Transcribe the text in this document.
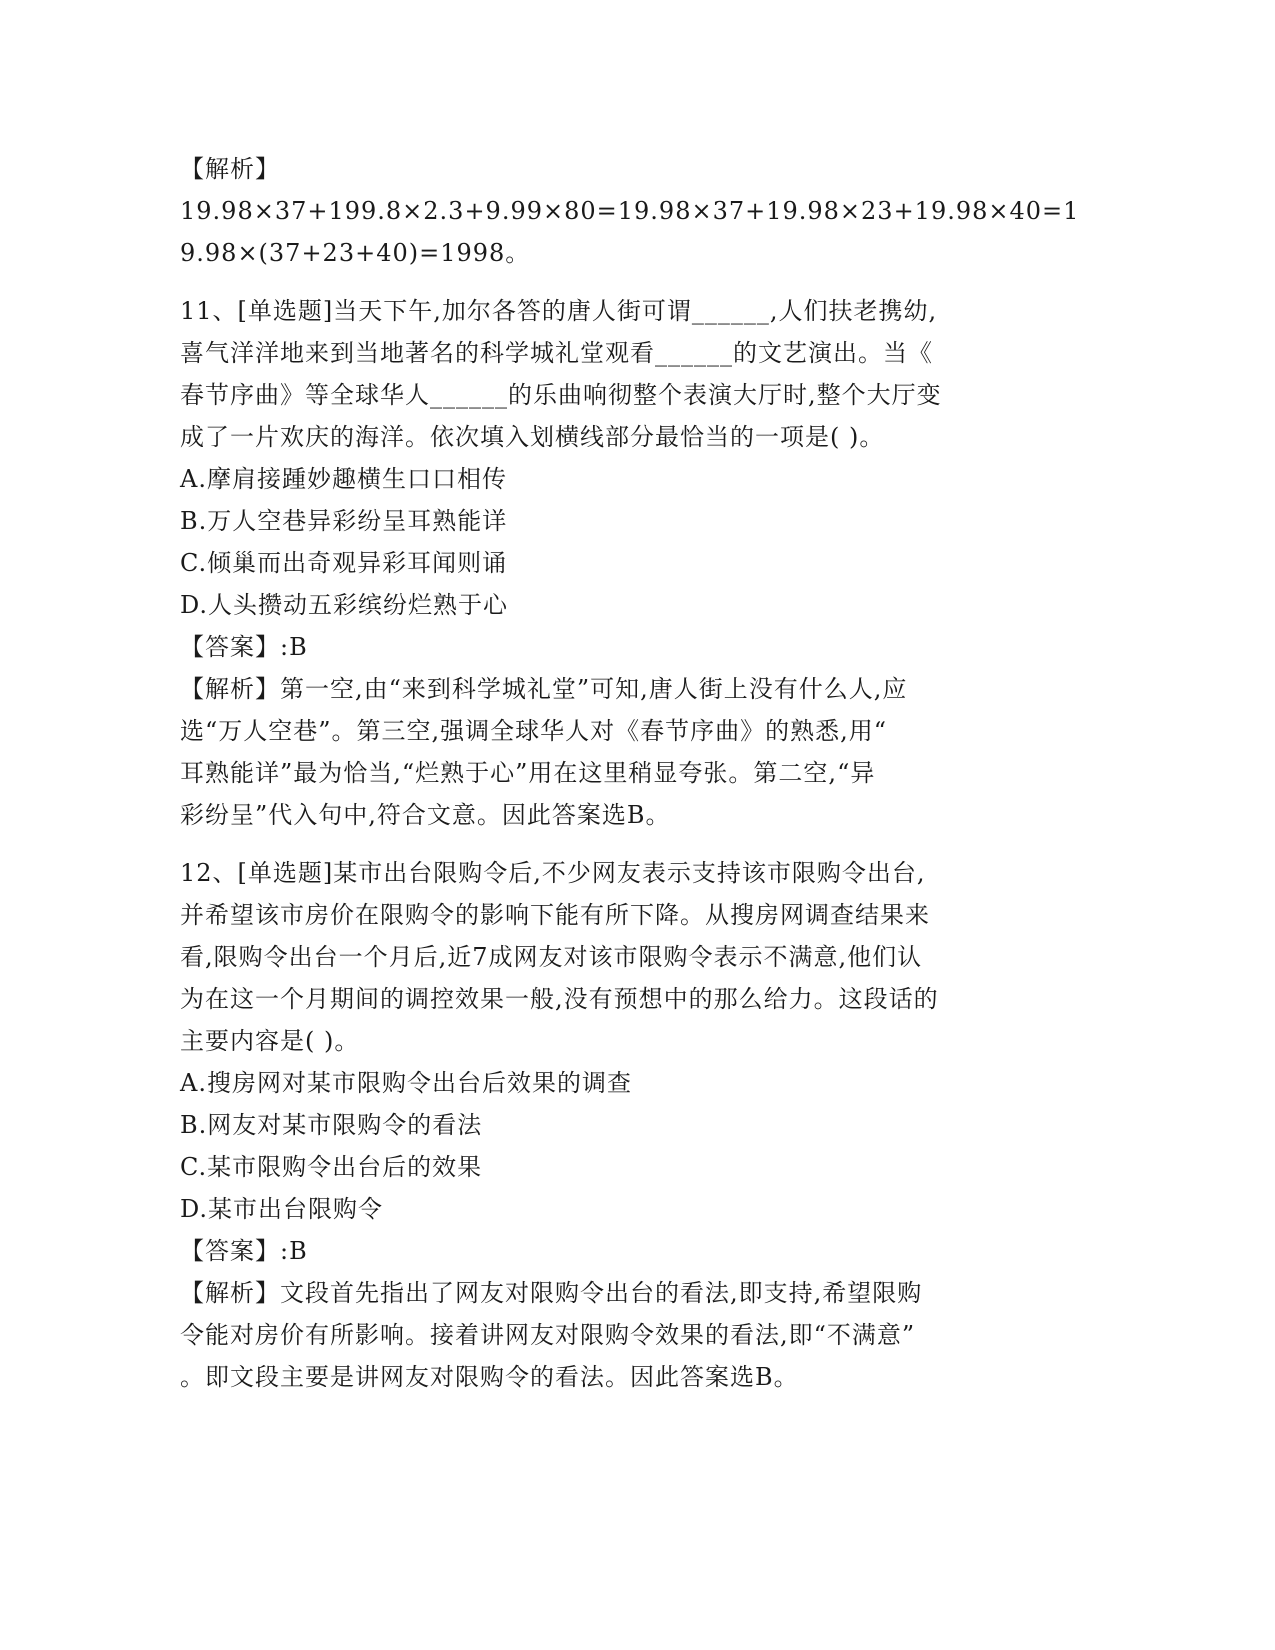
【解析】
19.98×37+199.8×2.3+9.99×80=19.98×37+19.98×23+19.98×40=1
9.98×(37+23+40)=1998。
11、[单选题]当天下午,加尔各答的唐人街可谓______,人们扶老携幼,
喜气洋洋地来到当地著名的科学城礼堂观看______的文艺演出。当《
春节序曲》等全球华人______的乐曲响彻整个表演大厅时,整个大厅变
成了一片欢庆的海洋。依次填入划横线部分最恰当的一项是( )。
A.摩肩接踵妙趣横生口口相传
B.万人空巷异彩纷呈耳熟能详
C.倾巢而出奇观异彩耳闻则诵
D.人头攒动五彩缤纷烂熟于心
【答案】:B
【解析】第一空,由“来到科学城礼堂”可知,唐人街上没有什么人,应
选“万人空巷”。第三空,强调全球华人对《春节序曲》的熟悉,用“
耳熟能详”最为恰当,“烂熟于心”用在这里稍显夸张。第二空,“异
彩纷呈”代入句中,符合文意。因此答案选B。
12、[单选题]某市出台限购令后,不少网友表示支持该市限购令出台,
并希望该市房价在限购令的影响下能有所下降。从搜房网调查结果来
看,限购令出台一个月后,近7成网友对该市限购令表示不满意,他们认
为在这一个月期间的调控效果一般,没有预想中的那么给力。这段话的
主要内容是( )。
A.搜房网对某市限购令出台后效果的调查
B.网友对某市限购令的看法
C.某市限购令出台后的效果
D.某市出台限购令
【答案】:B
【解析】文段首先指出了网友对限购令出台的看法,即支持,希望限购
令能对房价有所影响。接着讲网友对限购令效果的看法,即“不满意”
。即文段主要是讲网友对限购令的看法。因此答案选B。
